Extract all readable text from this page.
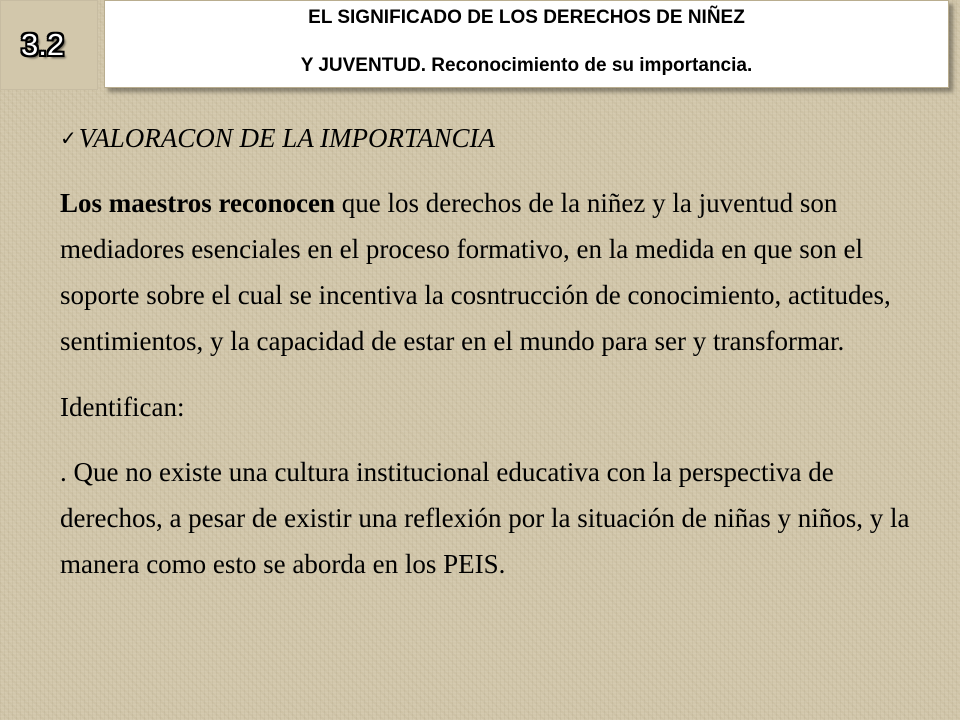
3.2
EL SIGNIFICADO DE LOS DERECHOS DE NIÑEZ
Y JUVENTUD. Reconocimiento de su importancia.
✓ VALORACON DE LA IMPORTANCIA

Los maestros reconocen que los derechos de la niñez y la juventud son mediadores esenciales en el proceso formativo, en la medida en que son el soporte sobre el cual se incentiva la cosntrucción de conocimiento, actitudes, sentimientos, y la capacidad de estar en el mundo para ser y transformar.

Identifican:

. Que no existe una cultura institucional educativa con la perspectiva de derechos, a pesar de existir una reflexión por la situación de niñas y niños, y la manera como esto se aborda en los PEIS.
